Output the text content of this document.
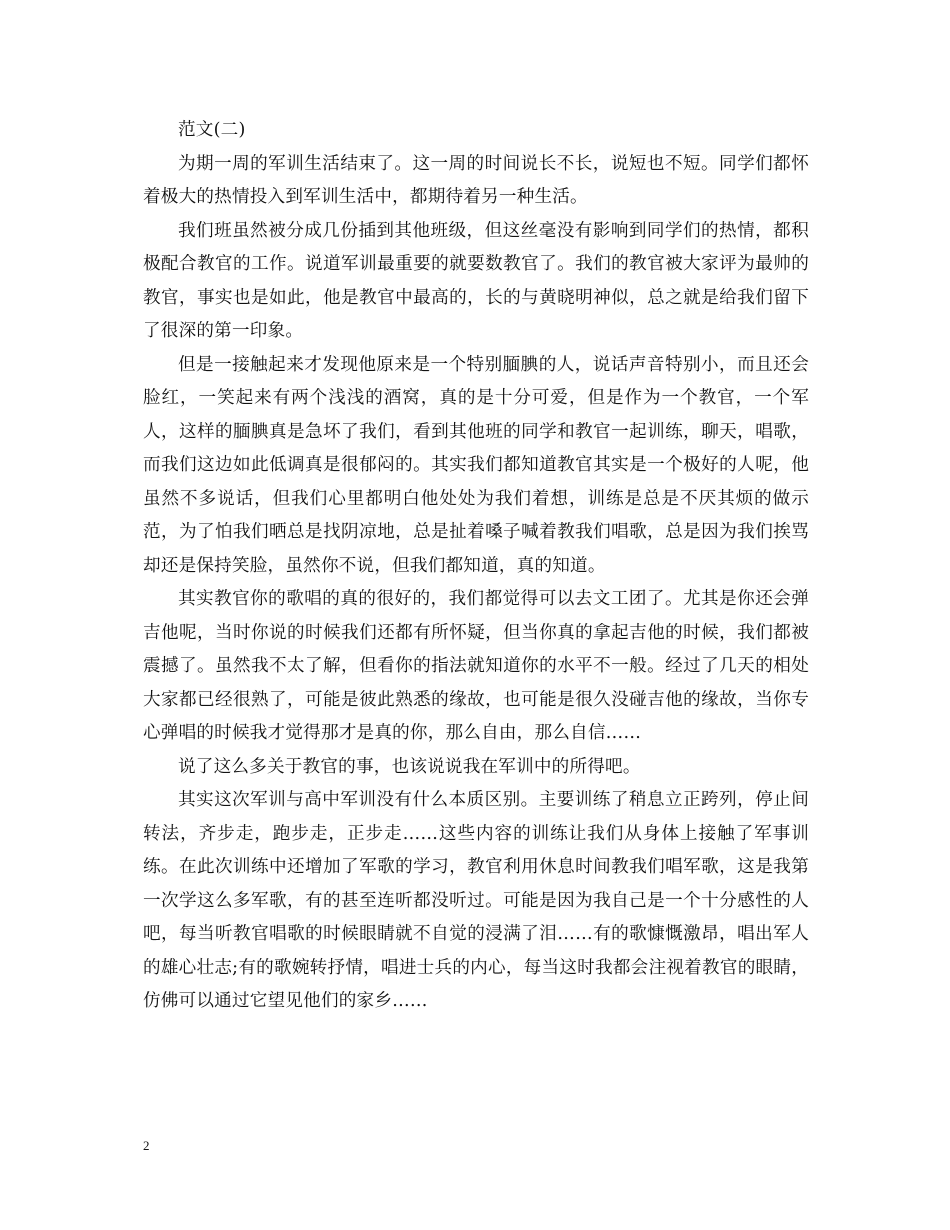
范文(二)

为期一周的军训生活结束了。这一周的时间说长不长，说短也不短。同学们都怀着极大的热情投入到军训生活中，都期待着另一种生活。

我们班虽然被分成几份插到其他班级，但这丝毫没有影响到同学们的热情，都积极配合教官的工作。说道军训最重要的就要数教官了。我们的教官被大家评为最帅的教官，事实也是如此，他是教官中最高的，长的与黄晓明神似，总之就是给我们留下了很深的第一印象。

但是一接触起来才发现他原来是一个特别腼腆的人，说话声音特别小，而且还会脸红，一笑起来有两个浅浅的酒窝，真的是十分可爱，但是作为一个教官，一个军人，这样的腼腆真是急坏了我们，看到其他班的同学和教官一起训练，聊天，唱歌，而我们这边如此低调真是很郁闷的。其实我们都知道教官其实是一个极好的人呢，他虽然不多说话，但我们心里都明白他处处为我们着想，训练是总是不厌其烦的做示范，为了怕我们晒总是找阴凉地，总是扯着嗓子喊着教我们唱歌，总是因为我们挨骂却还是保持笑脸，虽然你不说，但我们都知道，真的知道。

其实教官你的歌唱的真的很好的，我们都觉得可以去文工团了。尤其是你还会弹吉他呢，当时你说的时候我们还都有所怀疑，但当你真的拿起吉他的时候，我们都被震撼了。虽然我不太了解，但看你的指法就知道你的水平不一般。经过了几天的相处大家都已经很熟了，可能是彼此熟悉的缘故，也可能是很久没碰吉他的缘故，当你专心弹唱的时候我才觉得那才是真的你，那么自由，那么自信……

说了这么多关于教官的事，也该说说我在军训中的所得吧。

其实这次军训与高中军训没有什么本质区别。主要训练了稍息立正跨列，停止间转法，齐步走，跑步走，正步走……这些内容的训练让我们从身体上接触了军事训练。在此次训练中还增加了军歌的学习，教官利用休息时间教我们唱军歌，这是我第一次学这么多军歌，有的甚至连听都没听过。可能是因为我自己是一个十分感性的人吧，每当听教官唱歌的时候眼睛就不自觉的浸满了泪……有的歌慷慨激昂，唱出军人的雄心壮志;有的歌婉转抒情，唱进士兵的内心，每当这时我都会注视着教官的眼睛，仿佛可以通过它望见他们的家乡……

2
